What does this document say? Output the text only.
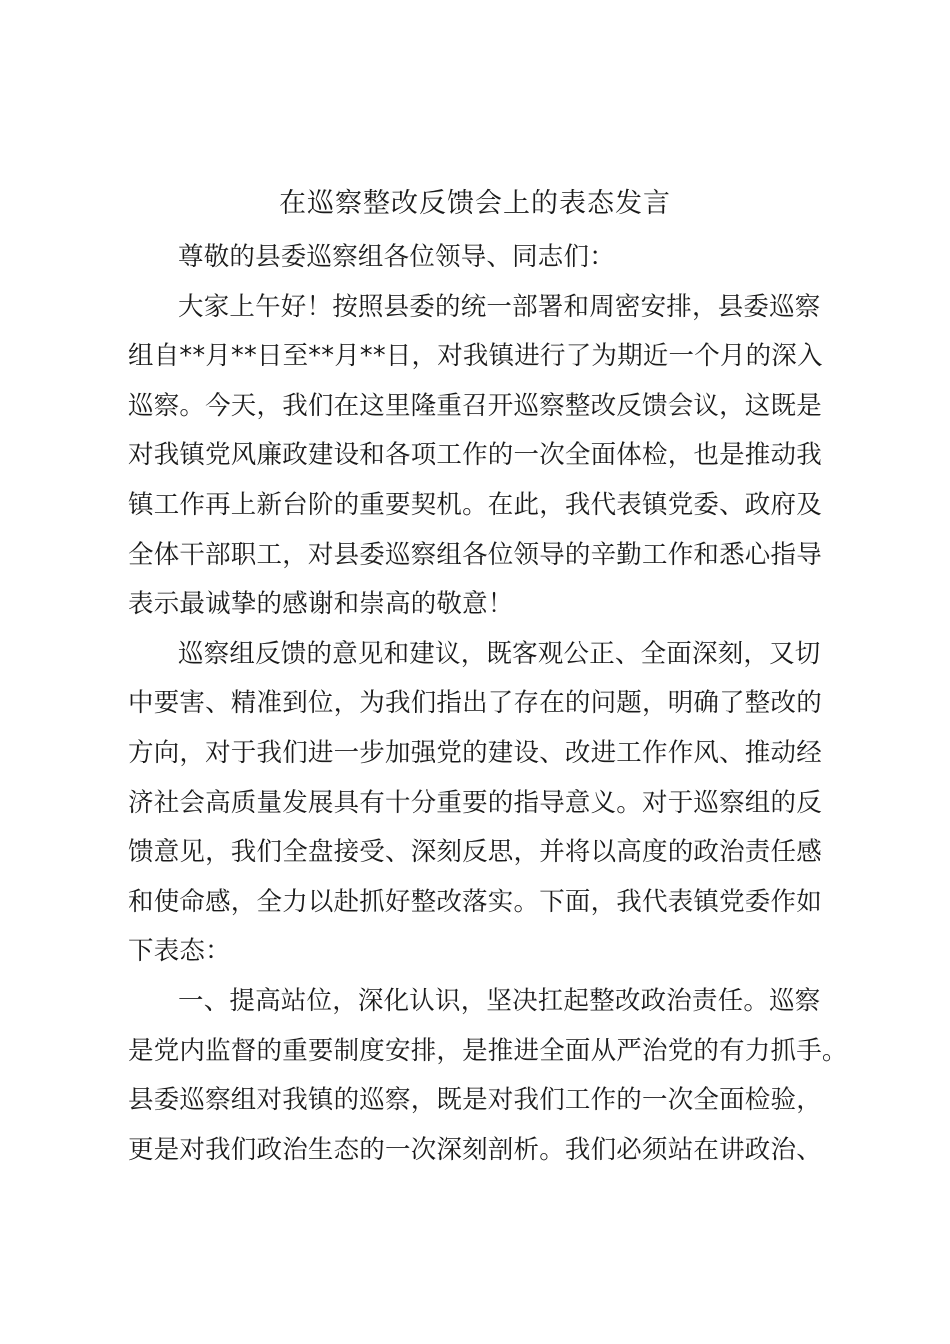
在巡察整改反馈会上的表态发言
尊敬的县委巡察组各位领导、同志们：
大家上午好！按照县委的统一部署和周密安排，县委巡察
组自**月**日至**月**日，对我镇进行了为期近一个月的深入
巡察。今天，我们在这里隆重召开巡察整改反馈会议，这既是
对我镇党风廉政建设和各项工作的一次全面体检，也是推动我
镇工作再上新台阶的重要契机。在此，我代表镇党委、政府及
全体干部职工，对县委巡察组各位领导的辛勤工作和悉心指导
表示最诚挚的感谢和崇高的敬意！
巡察组反馈的意见和建议，既客观公正、全面深刻，又切
中要害、精准到位，为我们指出了存在的问题，明确了整改的
方向，对于我们进一步加强党的建设、改进工作作风、推动经
济社会高质量发展具有十分重要的指导意义。对于巡察组的反
馈意见，我们全盘接受、深刻反思，并将以高度的政治责任感
和使命感，全力以赴抓好整改落实。下面，我代表镇党委作如
下表态：
一、提高站位，深化认识，坚决扛起整改政治责任。巡察
是党内监督的重要制度安排，是推进全面从严治党的有力抓手。
县委巡察组对我镇的巡察，既是对我们工作的一次全面检验，
更是对我们政治生态的一次深刻剖析。我们必须站在讲政治、
